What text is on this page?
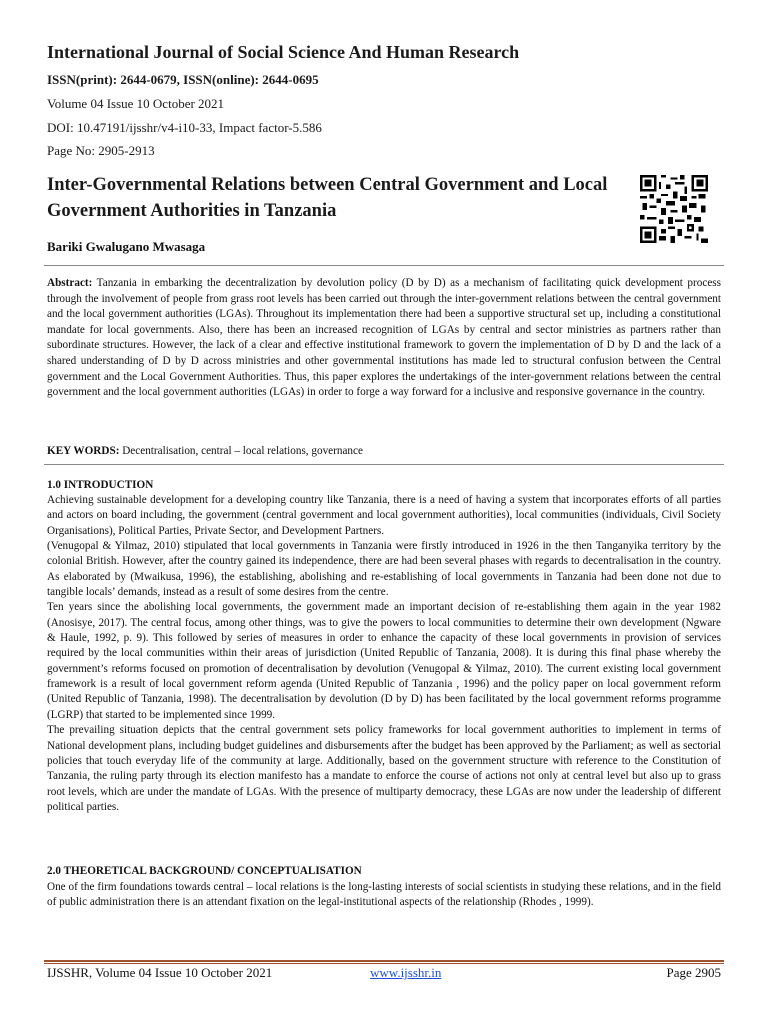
International Journal of Social Science And Human Research
ISSN(print): 2644-0679, ISSN(online): 2644-0695
Volume 04 Issue 10 October 2021
DOI: 10.47191/ijsshr/v4-i10-33, Impact factor-5.586
Page No: 2905-2913
Inter-Governmental Relations between Central Government and Local Government Authorities in Tanzania
Bariki Gwalugano Mwasaga
Abstract: Tanzania in embarking the decentralization by devolution policy (D by D) as a mechanism of facilitating quick development process through the involvement of people from grass root levels has been carried out through the inter-government relations between the central government and the local government authorities (LGAs). Throughout its implementation there had been a supportive structural set up, including a constitutional mandate for local governments. Also, there has been an increased recognition of LGAs by central and sector ministries as partners rather than subordinate structures. However, the lack of a clear and effective institutional framework to govern the implementation of D by D and the lack of a shared understanding of D by D across ministries and other governmental institutions has made led to structural confusion between the Central government and the Local Government Authorities. Thus, this paper explores the undertakings of the inter-government relations between the central government and the local government authorities (LGAs) in order to forge a way forward for a inclusive and responsive governance in the country.
KEY WORDS: Decentralisation, central – local relations, governance
1.0 INTRODUCTION

Achieving sustainable development for a developing country like Tanzania, there is a need of having a system that incorporates efforts of all parties and actors on board including, the government (central government and local government authorities), local communities (individuals, Civil Society Organisations), Political Parties, Private Sector, and Development Partners.

(Venugopal & Yilmaz, 2010) stipulated that local governments in Tanzania were firstly introduced in 1926 in the then Tanganyika territory by the colonial British. However, after the country gained its independence, there are had been several phases with regards to decentralisation in the country. As elaborated by (Mwaikusa, 1996), the establishing, abolishing and re-establishing of local governments in Tanzania had been done not due to tangible locals’ demands, instead as a result of some desires from the centre.

Ten years since the abolishing local governments, the government made an important decision of re-establishing them again in the year 1982 (Anosisye, 2017). The central focus, among other things, was to give the powers to local communities to determine their own development (Ngware & Haule, 1992, p. 9). This followed by series of measures in order to enhance the capacity of these local governments in provision of services required by the local communities within their areas of jurisdiction (United Republic of Tanzania, 2008). It is during this final phase whereby the government’s reforms focused on promotion of decentralisation by devolution (Venugopal & Yilmaz, 2010). The current existing local government framework is a result of local government reform agenda (United Republic of Tanzania , 1996) and the policy paper on local government reform (United Republic of Tanzania, 1998). The decentralisation by devolution (D by D) has been facilitated by the local government reforms programme (LGRP) that started to be implemented since 1999.

The prevailing situation depicts that the central government sets policy frameworks for local government authorities to implement in terms of National development plans, including budget guidelines and disbursements after the budget has been approved by the Parliament; as well as sectorial policies that touch everyday life of the community at large. Additionally, based on the government structure with reference to the Constitution of Tanzania, the ruling party through its election manifesto has a mandate to enforce the course of actions not only at central level but also up to grass root levels, which are under the mandate of LGAs. With the presence of multiparty democracy, these LGAs are now under the leadership of different political parties.

2.0 THEORETICAL BACKGROUND/ CONCEPTUALISATION

One of the firm foundations towards central – local relations is the long-lasting interests of social scientists in studying these relations, and in the field of public administration there is an attendant fixation on the legal-institutional aspects of the relationship (Rhodes , 1999).

IJSSHR, Volume 04 Issue 10 October 2021	www.ijsshr.in	Page 2905
